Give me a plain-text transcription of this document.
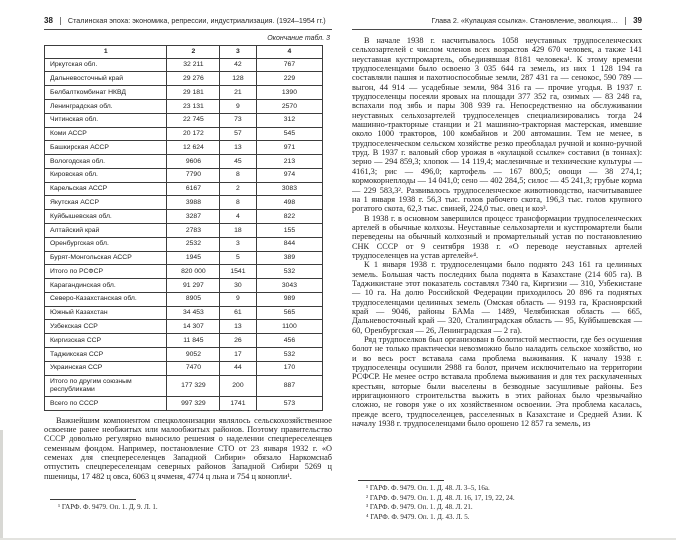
38 Сталинская эпоха: экономика, репрессии, индустриализация. (1924–1954 гг.)
Окончание табл. 3
1	2	3	4
Иркутская обл.	32 211	42	767
Дальневосточный край	29 276	128	229
Белбалткомбинат НКВД	29 181	21	1390
Ленинградская обл.	23 131	9	2570
Читинская обл.	22 745	73	312
Коми АССР	20 172	57	545
Башкирская АССР	12 624	13	971
Вологодская обл.	9606	45	213
Кировская обл.	7790	8	974
Карельская АССР	6167	2	3083
Якутская АССР	3988	8	498
Куйбышевская обл.	3287	4	822
Алтайский край	2783	18	155
Оренбургская обл.	2532	3	844
Бурят-Монгольская АССР	1945	5	389
Итого по РСФСР	820 000	1541	532
Карагандинская обл.	91 297	30	3043
Северо-Казахстанская обл.	8905	9	989
Южный Казахстан	34 453	61	565
Узбекская ССР	14 307	13	1100
Киргизская ССР	11 845	26	456
Таджикская ССР	9052	17	532
Украинская ССР	7470	44	170
Итого по другим союзным республиками	177 329	200	887
Всего по СССР	997 329	1741	573

Важнейшим компонентом спецколонизации являлось сельскохозяйственное освоение ранее необжитых или малообжитых районов. Поэтому правительство СССР довольно регулярно выносило решения о наделении спецпереселенцев семенным фондом. Например, постановление СТО от 23 января 1932 г. «О семенах для спецпереселенцев Западной Сибири» обязало Наркомснаб отпустить спецпереселенцам северных районов Западной Сибири 5269 ц пшеницы, 17 482 ц овса, 6063 ц ячменя, 4774 ц льна и 754 ц конопли¹.

¹ ГАРФ. Ф. 9479. Оп. 1. Д. 9. Л. 1.

Глава 2. «Кулацкая ссылка». Становление, эволюция… 39

В начале 1938 г. насчитывалось 1058 неуставных трудпоселенческих сельхозартелей с числом членов всех возрастов 429 670 человек, а также 141 неуставная кустпромартель, объединявшая 8181 человека¹. К этому времени трудпоселенцами было освоено 3 035 644 га земель, из них 1 128 194 га составляли пашня и пахотноспособные земли, 287 431 га — сенокос, 590 789 — выгон, 44 914 — усадебные земли, 984 316 га — прочие угодья. В 1937 г. трудпоселенцы посеяли яровых на площади 377 352 га, озимых — 83 248 га, вспахали под зябь и пары 308 939 га. Непосредственно на обслуживании неуставных сельхозартелей трудпоселенцев специализировались тогда 24 машинно-тракторные станции и 21 машинно-тракторная мастерская, имевшие около 1000 тракторов, 100 комбайнов и 200 автомашин. Тем не менее, в трудпоселенческом сельском хозяйстве резко преобладал ручной и конно-ручной труд. В 1937 г. валовый сбор урожая в «кулацкой ссылке» составил (в тоннах): зерно — 294 859,3; хлопок — 14 119,4; масленичные и технические культуры — 4161,3; рис — 496,0; картофель — 167 800,5; овощи — 38 274,1; кормокорнеплоды — 14 041,0; сено — 402 284,5; силос — 45 241,3; грубые корма — 229 583,3². Развивалось трудпоселенческое животноводство, насчитывавшее на 1 января 1938 г. 56,3 тыс. голов рабочего скота, 196,3 тыс. голов крупного рогатого скота, 62,3 тыс. свиней, 224,0 тыс. овец и коз³.

В 1938 г. в основном завершился процесс трансформации трудпоселенческих артелей в обычные колхозы. Неуставные сельхозартели и кустпромартели были переведены на обычный колхозный и промартельный устав по постановлению СНК СССР от 9 сентября 1938 г. «О переводе неуставных артелей трудпоселенцев на устав артелей»⁴.

К 1 января 1938 г. трудпоселенцами было поднято 243 161 га целинных земель. Большая часть последних была поднята в Казахстане (214 605 га). В Таджикистане этот показатель составлял 7340 га, Киргизии — 310, Узбекистане — 10 га. На долю Российской Федерации приходилось 20 896 га поднятых трудпоселенцами целинных земель (Омская область — 9193 га, Красноярский край — 9046, районы БАМа — 1489, Челябинская область — 665, Дальневосточный край — 320, Сталинградская область — 95, Куйбышевская — 60, Оренбургская — 26, Ленинградская — 2 га).

Ряд трудпоселков был организован в болотистой местности, где без осушения болот не только практически невозможно было наладить сельское хозяйство, но и во весь рост вставала сама проблема выживания. К началу 1938 г. трудпоселенцы осушили 2988 га болот, причем исключительно на территории РСФСР. Не менее остро вставала проблема выживания и для тех раскулаченных крестьян, которые были выселены в безводные засушливые районы. Без ирригационного строительства выжить в этих районах было чрезвычайно сложно, не говоря уже о их хозяйственном освоении. Эта проблема касалась, прежде всего, трудпоселенцев, расселенных в Казахстане и Средней Азии. К началу 1938 г. трудпоселенцами было орошено 12 857 га земель, из

¹ ГАРФ. Ф. 9479. Оп. 1. Д. 48. Л. 3–5, 16а.

² ГАРФ. Ф. 9479. Оп. 1. Д. 48. Л. 16, 17, 19, 22, 24.

³ ГАРФ. Ф. 9479. Оп. 1. Д. 48. Л. 21.

⁴ ГАРФ. Ф. 9479. Оп. 1. Д. 43. Л. 5.
